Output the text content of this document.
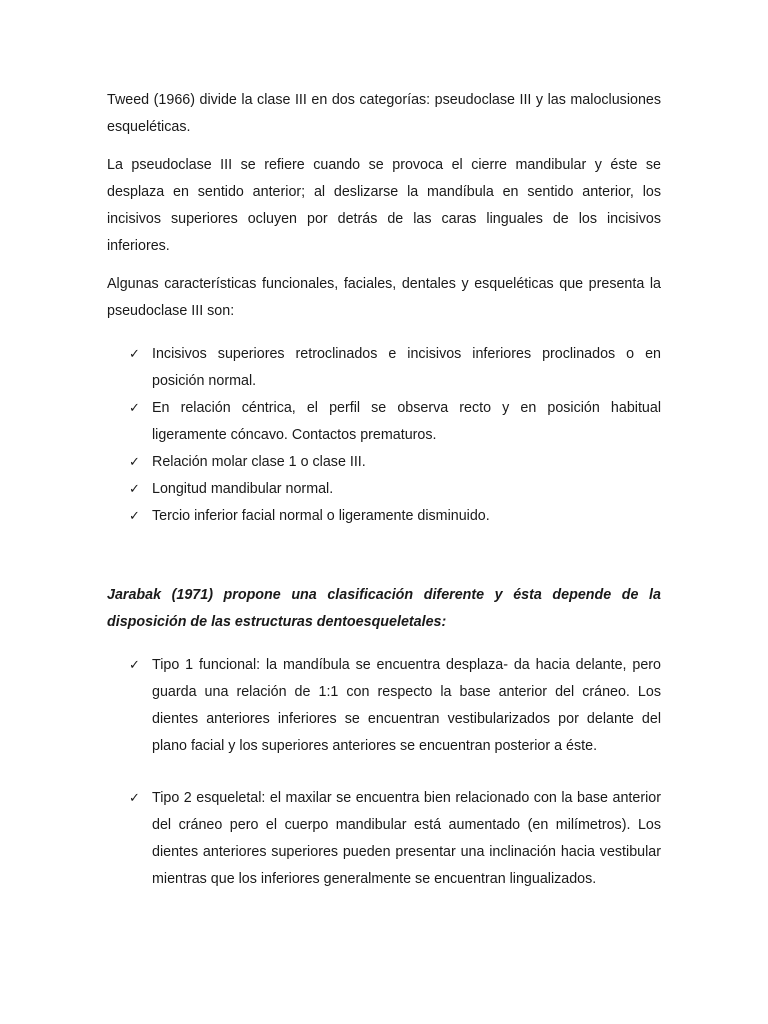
Tweed (1966) divide la clase III en dos categorías: pseudoclase III y las maloclusiones esqueléticas.

La pseudoclase III se refiere cuando se provoca el cierre mandibular y éste se desplaza en sentido anterior; al deslizarse la mandíbula en sentido anterior, los incisivos superiores ocluyen por detrás de las caras linguales de los incisivos inferiores.

Algunas características funcionales, faciales, dentales y esqueléticas que presenta la pseudoclase III son:

✓ Incisivos superiores retroclinados e incisivos inferiores proclinados o en posición normal.
✓ En relación céntrica, el perfil se observa recto y en posición habitual ligeramente cóncavo. Contactos prematuros.
✓ Relación molar clase 1 o clase III.
✓ Longitud mandibular normal.
✓ Tercio inferior facial normal o ligeramente disminuido.

Jarabak (1971) propone una clasificación diferente y ésta depende de la disposición de las estructuras dentoesqueletales:

✓ Tipo 1 funcional: la mandíbula se encuentra desplaza- da hacia delante, pero guarda una relación de 1:1 con respecto la base anterior del cráneo. Los dientes anteriores inferiores se encuentran vestibularizados por delante del plano facial y los superiores anteriores se encuentran posterior a éste.
✓ Tipo 2 esqueletal: el maxilar se encuentra bien relacionado con la base anterior del cráneo pero el cuerpo mandibular está aumentado (en milímetros). Los dientes anteriores superiores pueden presentar una inclinación hacia vestibular mientras que los inferiores generalmente se encuentran lingualizados.
